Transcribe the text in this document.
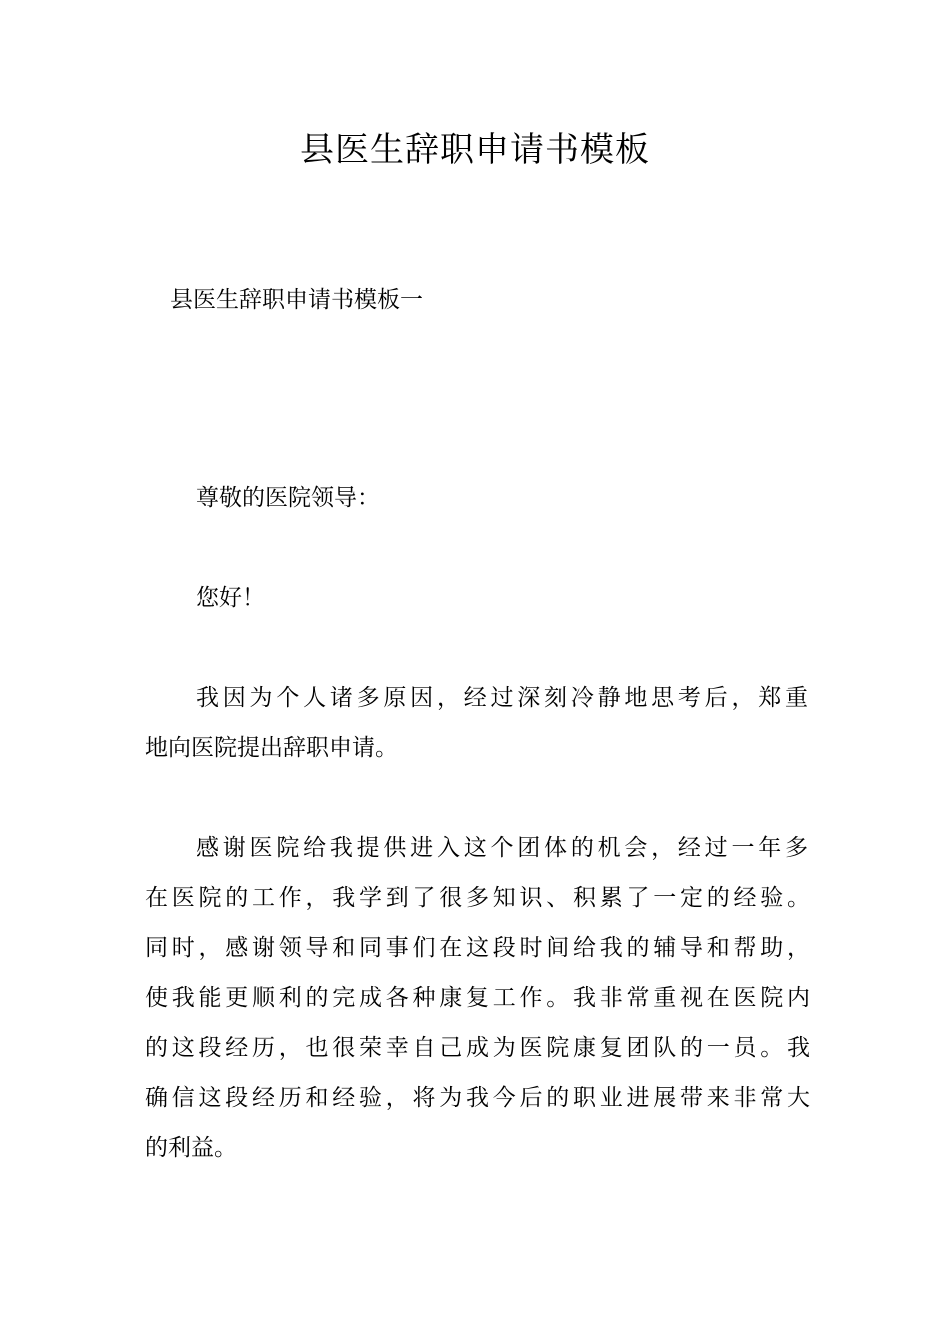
县医生辞职申请书模板

县医生辞职申请书模板一

尊敬的医院领导：

您好！

我因为个人诸多原因，经过深刻冷静地思考后，郑重

地向医院提出辞职申请。

感谢医院给我提供进入这个团体的机会，经过一年多

在医院的工作，我学到了很多知识、积累了一定的经验。

同时，感谢领导和同事们在这段时间给我的辅导和帮助，

使我能更顺利的完成各种康复工作。我非常重视在医院内

的这段经历，也很荣幸自己成为医院康复团队的一员。我

确信这段经历和经验，将为我今后的职业进展带来非常大

的利益。
